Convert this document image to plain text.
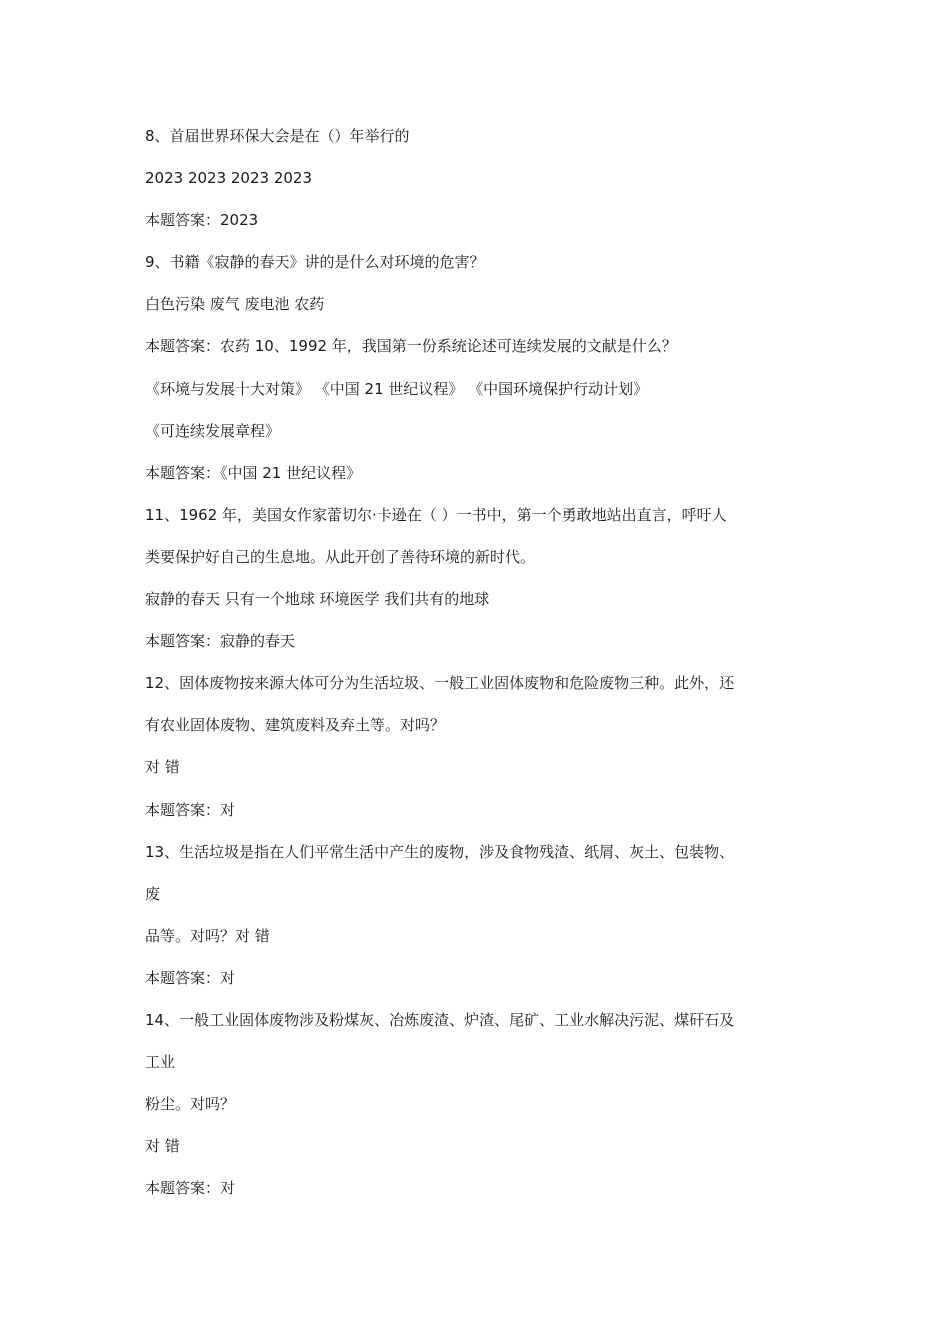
8、首届世界环保大会是在（）年举行的
2023 2023 2023 2023
本题答案：2023
9、书籍《寂静的春天》讲的是什么对环境的危害？
白色污染 废气 废电池 农药
本题答案：农药 10、1992 年，我国第一份系统论述可连续发展的文献是什么？
《环境与发展十大对策》 《中国 21 世纪议程》 《中国环境保护行动计划》
《可连续发展章程》
本题答案：《中国 21 世纪议程》
11、1962 年，美国女作家蕾切尔·卡逊在（ ）一书中，第一个勇敢地站出直言，呼吁人
类要保护好自己的生息地。从此开创了善待环境的新时代。
寂静的春天 只有一个地球 环境医学 我们共有的地球
本题答案：寂静的春天
12、固体废物按来源大体可分为生活垃圾、一般工业固体废物和危险废物三种。此外，还
有农业固体废物、建筑废料及弃土等。对吗？
对 错
本题答案：对
13、生活垃圾是指在人们平常生活中产生的废物，涉及食物残渣、纸屑、灰土、包装物、
废
品等。对吗？对 错
本题答案：对
14、一般工业固体废物涉及粉煤灰、冶炼废渣、炉渣、尾矿、工业水解决污泥、煤矸石及
工业
粉尘。对吗？
对 错
本题答案：对
